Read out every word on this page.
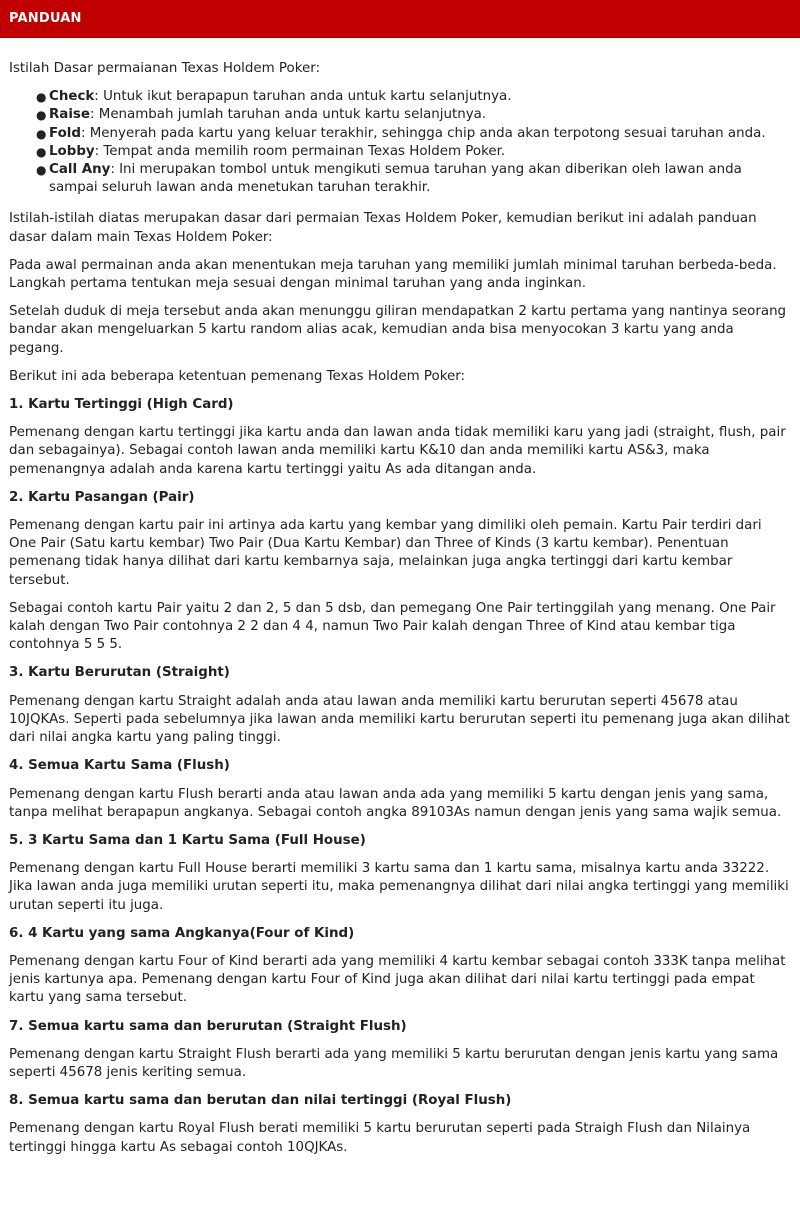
PANDUAN

Istilah Dasar permaianan Texas Holdem Poker:

● Check: Untuk ikut berapapun taruhan anda untuk kartu selanjutnya.
● Raise: Menambah jumlah taruhan anda untuk kartu selanjutnya.
● Fold: Menyerah pada kartu yang keluar terakhir, sehingga chip anda akan terpotong sesuai taruhan anda.
● Lobby: Tempat anda memilih room permainan Texas Holdem Poker.
● Call Any: Ini merupakan tombol untuk mengikuti semua taruhan yang akan diberikan oleh lawan anda sampai seluruh lawan anda menetukan taruhan terakhir.

Istilah-istilah diatas merupakan dasar dari permaian Texas Holdem Poker, kemudian berikut ini adalah panduan dasar dalam main Texas Holdem Poker:

Pada awal permainan anda akan menentukan meja taruhan yang memiliki jumlah minimal taruhan berbeda-beda. Langkah pertama tentukan meja sesuai dengan minimal taruhan yang anda inginkan.

Setelah duduk di meja tersebut anda akan menunggu giliran mendapatkan 2 kartu pertama yang nantinya seorang bandar akan mengeluarkan 5 kartu random alias acak, kemudian anda bisa menyocokan 3 kartu yang anda pegang.

Berikut ini ada beberapa ketentuan pemenang Texas Holdem Poker:

1. Kartu Tertinggi (High Card)

Pemenang dengan kartu tertinggi jika kartu anda dan lawan anda tidak memiliki karu yang jadi (straight, flush, pair dan sebagainya). Sebagai contoh lawan anda memiliki kartu K&10 dan anda memiliki kartu AS&3, maka pemenangnya adalah anda karena kartu tertinggi yaitu As ada ditangan anda.

2. Kartu Pasangan (Pair)

Pemenang dengan kartu pair ini artinya ada kartu yang kembar yang dimiliki oleh pemain. Kartu Pair terdiri dari One Pair (Satu kartu kembar) Two Pair (Dua Kartu Kembar) dan Three of Kinds (3 kartu kembar). Penentuan pemenang tidak hanya dilihat dari kartu kembarnya saja, melainkan juga angka tertinggi dari kartu kembar tersebut.

Sebagai contoh kartu Pair yaitu 2 dan 2, 5 dan 5 dsb, dan pemegang One Pair tertinggilah yang menang. One Pair kalah dengan Two Pair contohnya 2 2 dan 4 4, namun Two Pair kalah dengan Three of Kind atau kembar tiga contohnya 5 5 5.

3. Kartu Berurutan (Straight)

Pemenang dengan kartu Straight adalah anda atau lawan anda memiliki kartu berurutan seperti 45678 atau 10JQKAs. Seperti pada sebelumnya jika lawan anda memiliki kartu berurutan seperti itu pemenang juga akan dilihat dari nilai angka kartu yang paling tinggi.

4. Semua Kartu Sama (Flush)

Pemenang dengan kartu Flush berarti anda atau lawan anda ada yang memiliki 5 kartu dengan jenis yang sama, tanpa melihat berapapun angkanya. Sebagai contoh angka 89103As namun dengan jenis yang sama wajik semua.

5. 3 Kartu Sama dan 1 Kartu Sama (Full House)

Pemenang dengan kartu Full House berarti memiliki 3 kartu sama dan 1 kartu sama, misalnya kartu anda 33222. Jika lawan anda juga memiliki urutan seperti itu, maka pemenangnya dilihat dari nilai angka tertinggi yang memiliki urutan seperti itu juga.

6. 4 Kartu yang sama Angkanya(Four of Kind)

Pemenang dengan kartu Four of Kind berarti ada yang memiliki 4 kartu kembar sebagai contoh 333K tanpa melihat jenis kartunya apa. Pemenang dengan kartu Four of Kind juga akan dilihat dari nilai kartu tertinggi pada empat kartu yang sama tersebut.

7. Semua kartu sama dan berurutan (Straight Flush)

Pemenang dengan kartu Straight Flush berarti ada yang memiliki 5 kartu berurutan dengan jenis kartu yang sama seperti 45678 jenis keriting semua.

8. Semua kartu sama dan berutan dan nilai tertinggi (Royal Flush)

Pemenang dengan kartu Royal Flush berati memiliki 5 kartu berurutan seperti pada Straigh Flush dan Nilainya tertinggi hingga kartu As sebagai contoh 10QJKAs.
